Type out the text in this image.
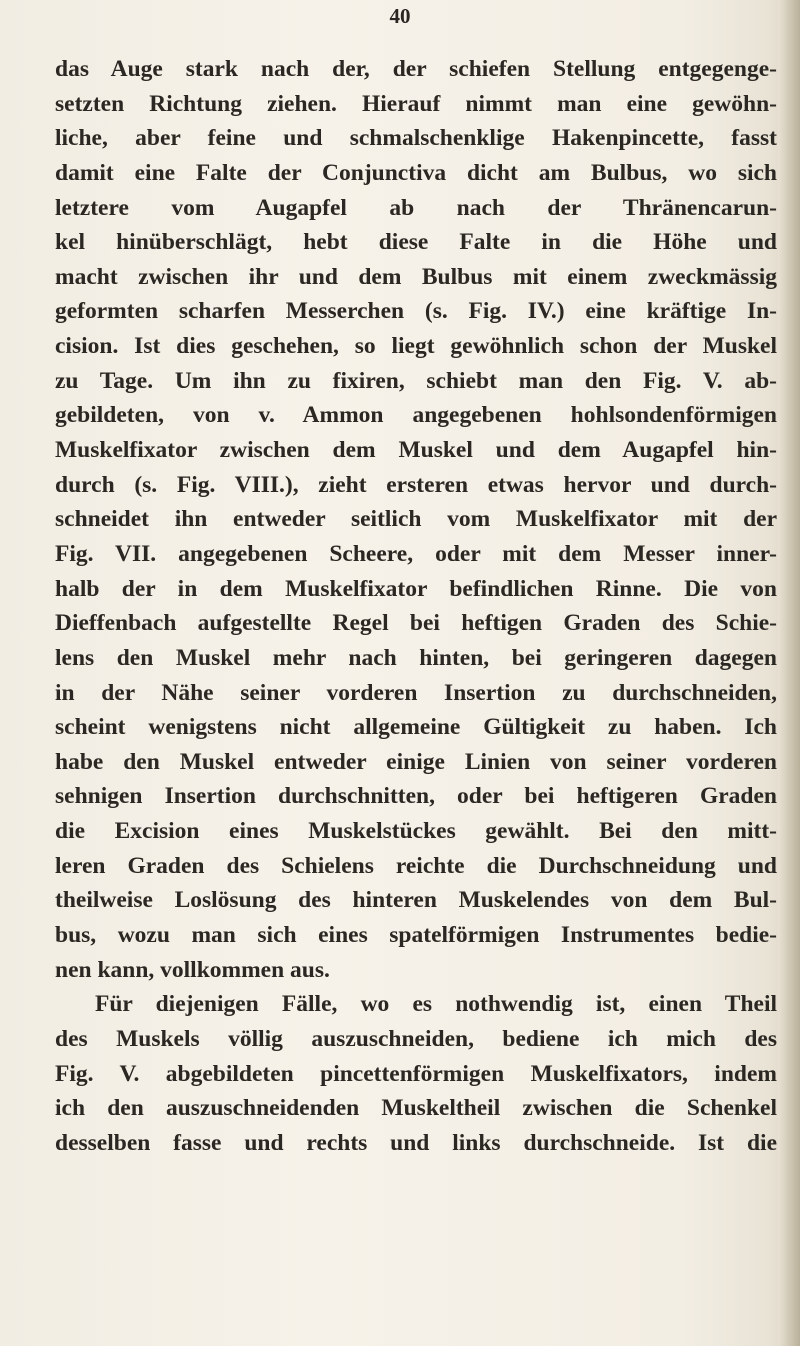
40
das Auge stark nach der, der schiefen Stellung entgegenge-
setzten Richtung ziehen. Hierauf nimmt man eine gewöhn-
liche, aber feine und schmalschenklige Hakenpincette, fasst
damit eine Falte der Conjunctiva dicht am Bulbus, wo sich
letztere vom Augapfel ab nach der Thränencarun-
kel hinüberschlägt, hebt diese Falte in die Höhe und
macht zwischen ihr und dem Bulbus mit einem zweckmässig
geformten scharfen Messerchen (s. Fig. IV.) eine kräftige In-
cision. Ist dies geschehen, so liegt gewöhnlich schon der Muskel
zu Tage. Um ihn zu fixiren, schiebt man den Fig. V. ab-
gebildeten, von v. Ammon angegebenen hohlsondenförmigen
Muskelfixator zwischen dem Muskel und dem Augapfel hin-
durch (s. Fig. VIII.), zieht ersteren etwas hervor und durch-
schneidet ihn entweder seitlich vom Muskelfixator mit der
Fig. VII. angegebenen Scheere, oder mit dem Messer inner-
halb der in dem Muskelfixator befindlichen Rinne. Die von
Dieffenbach aufgestellte Regel bei heftigen Graden des Schie-
lens den Muskel mehr nach hinten, bei geringeren dagegen
in der Nähe seiner vorderen Insertion zu durchschneiden,
scheint wenigstens nicht allgemeine Gültigkeit zu haben. Ich
habe den Muskel entweder einige Linien von seiner vorderen
sehnigen Insertion durchschnitten, oder bei heftigeren Graden
die Excision eines Muskelstückes gewählt. Bei den mitt-
leren Graden des Schielens reichte die Durchschneidung und
theilweise Loslösung des hinteren Muskelendes von dem Bul-
bus, wozu man sich eines spatelförmigen Instrumentes bedie-
nen kann, vollkommen aus.
Für diejenigen Fälle, wo es nothwendig ist, einen Theil
des Muskels völlig auszuschneiden, bediene ich mich des
Fig. V. abgebildeten pincettenförmigen Muskelfixators, indem
ich den auszuschneidenden Muskeltheil zwischen die Schenkel
desselben fasse und rechts und links durchschneide. Ist die
